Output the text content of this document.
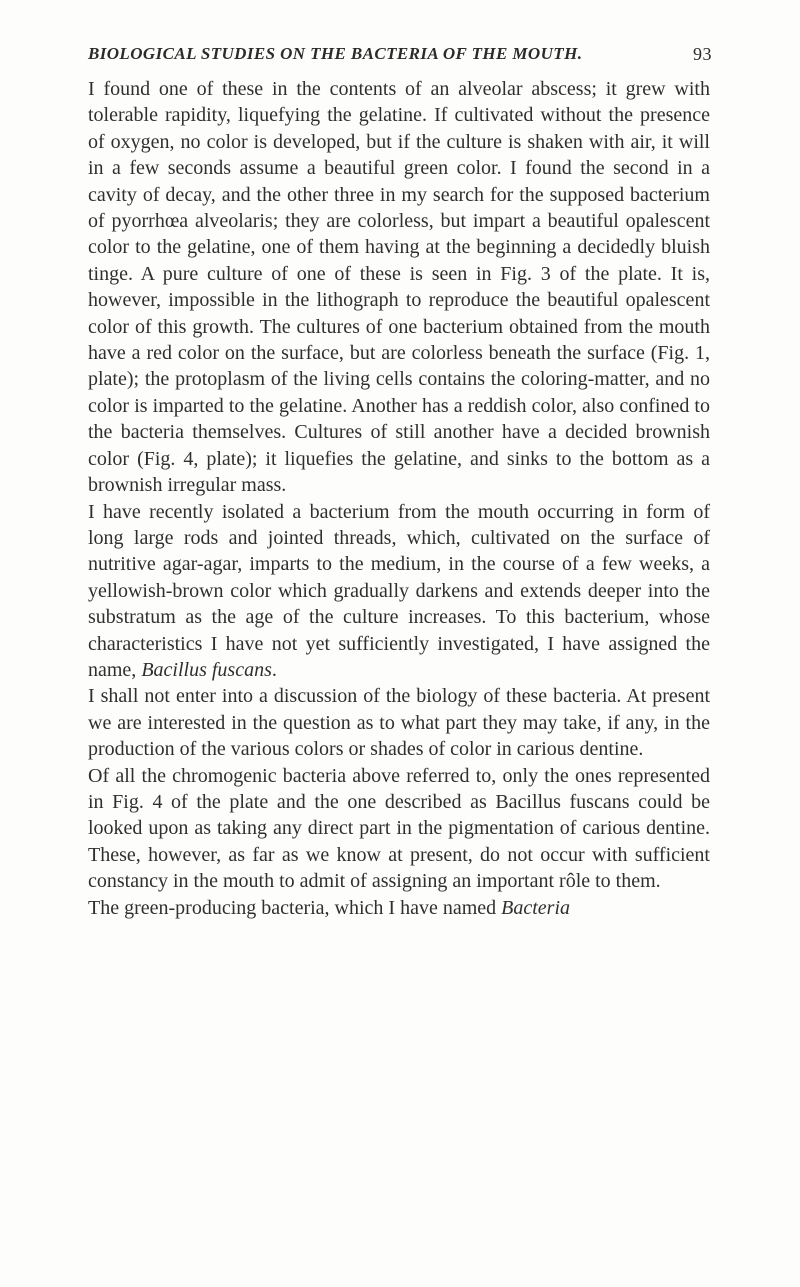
BIOLOGICAL STUDIES ON THE BACTERIA OF THE MOUTH.	93

I found one of these in the contents of an alveolar abscess; it grew with tolerable rapidity, liquefying the gelatine. If cultivated without the presence of oxygen, no color is developed, but if the culture is shaken with air, it will in a few seconds assume a beautiful green color. I found the second in a cavity of decay, and the other three in my search for the supposed bacterium of pyorrhœa alveolaris; they are colorless, but impart a beautiful opalescent color to the gelatine, one of them having at the beginning a decidedly bluish tinge. A pure culture of one of these is seen in Fig. 3 of the plate. It is, however, impossible in the lithograph to reproduce the beautiful opalescent color of this growth. The cultures of one bacterium obtained from the mouth have a red color on the surface, but are colorless beneath the surface (Fig. 1, plate); the protoplasm of the living cells contains the coloring-matter, and no color is imparted to the gelatine. Another has a reddish color, also confined to the bacteria themselves. Cultures of still another have a decided brownish color (Fig. 4, plate); it liquefies the gelatine, and sinks to the bottom as a brownish irregular mass.

I have recently isolated a bacterium from the mouth occurring in form of long large rods and jointed threads, which, cultivated on the surface of nutritive agar-agar, imparts to the medium, in the course of a few weeks, a yellowish-brown color which gradually darkens and extends deeper into the substratum as the age of the culture increases. To this bacterium, whose characteristics I have not yet sufficiently investigated, I have assigned the name, Bacillus fuscans.

I shall not enter into a discussion of the biology of these bacteria. At present we are interested in the question as to what part they may take, if any, in the production of the various colors or shades of color in carious dentine.

Of all the chromogenic bacteria above referred to, only the ones represented in Fig. 4 of the plate and the one described as Bacillus fuscans could be looked upon as taking any direct part in the pigmentation of carious dentine. These, however, as far as we know at present, do not occur with sufficient constancy in the mouth to admit of assigning an important rôle to them.

The green-producing bacteria, which I have named Bacteria
